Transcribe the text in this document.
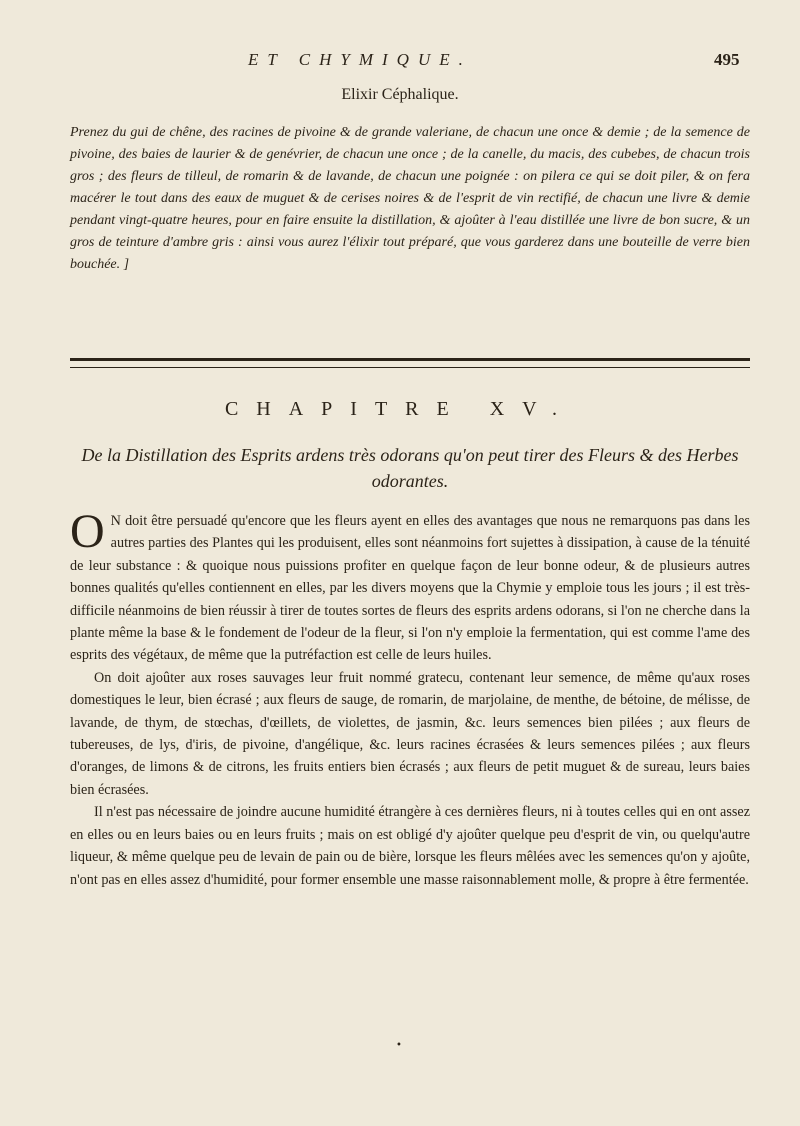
ET CHYMIQUE.	495
Elixir Céphalique.
Prenez du gui de chêne, des racines de pivoine & de grande valeriane, de chacun une once & demie ; de la semence de pivoine, des baies de laurier & de genévrier, de chacun une once ; de la canelle, du macis, des cubebes, de chacun trois gros ; des fleurs de tilleul, de romarin & de lavande, de chacun une poignée : on pilera ce qui se doit piler, & on fera macérer le tout dans des eaux de muguet & de cerises noires & de l'esprit de vin rectifié, de chacun une livre & demie pendant vingt-quatre heures, pour en faire ensuite la distillation, & ajoûter à l'eau distillée une livre de bon sucre, & un gros de teinture d'ambre gris : ainsi vous aurez l'élixir tout préparé, que vous garderez dans une bouteille de verre bien bouchée. ]
CHAPITRE XV.
De la Distillation des Esprits ardens très odorans qu'on peut tirer des Fleurs & des Herbes odorantes.

O N doit être persuadé qu'encore que les fleurs ayent en elles des avantages que nous ne remarquons pas dans les autres parties des Plantes qui les produisent, elles sont néanmoins fort sujettes à dissipation, à cause de la ténuité de leur substance : & quoique nous puissions profiter en quelque façon de leur bonne odeur, & de plusieurs autres bonnes qualités qu'elles contiennent en elles, par les divers moyens que la Chymie y emploie tous les jours ; il est très-difficile néanmoins de bien réussir à tirer de toutes sortes de fleurs des esprits ardens odorans, si l'on ne cherche dans la plante même la base & le fondement de l'odeur de la fleur, si l'on n'y emploie la fermentation, qui est comme l'ame des esprits des végétaux, de même que la putréfaction est celle de leurs huiles.

On doit ajoûter aux roses sauvages leur fruit nommé gratecu, contenant leur semence, de même qu'aux roses domestiques le leur, bien écrasé ; aux fleurs de sauge, de romarin, de marjolaine, de menthe, de bétoine, de mélisse, de lavande, de thym, de stœchas, d'œillets, de violettes, de jasmin, &c. leurs semences bien pilées ; aux fleurs de tubereuses, de lys, d'iris, de pivoine, d'angélique, &c. leurs racines écrasées & leurs semences pilées ; aux fleurs d'oranges, de limons & de citrons, les fruits entiers bien écrasés ; aux fleurs de petit muguet & de sureau, leurs baies bien écrasées.

Il n'est pas nécessaire de joindre aucune humidité étrangère à ces dernières fleurs, ni à toutes celles qui en ont assez en elles ou en leurs baies ou en leurs fruits ; mais on est obligé d'y ajoûter quelque peu d'esprit de vin, ou quelqu'autre liqueur, & même quelque peu de levain de pain ou de bière, lorsque les fleurs mêlées avec les semences qu'on y ajoûte, n'ont pas en elles assez d'humidité, pour former ensemble une masse raisonnablement molle, & propre à être fermentée.

•
